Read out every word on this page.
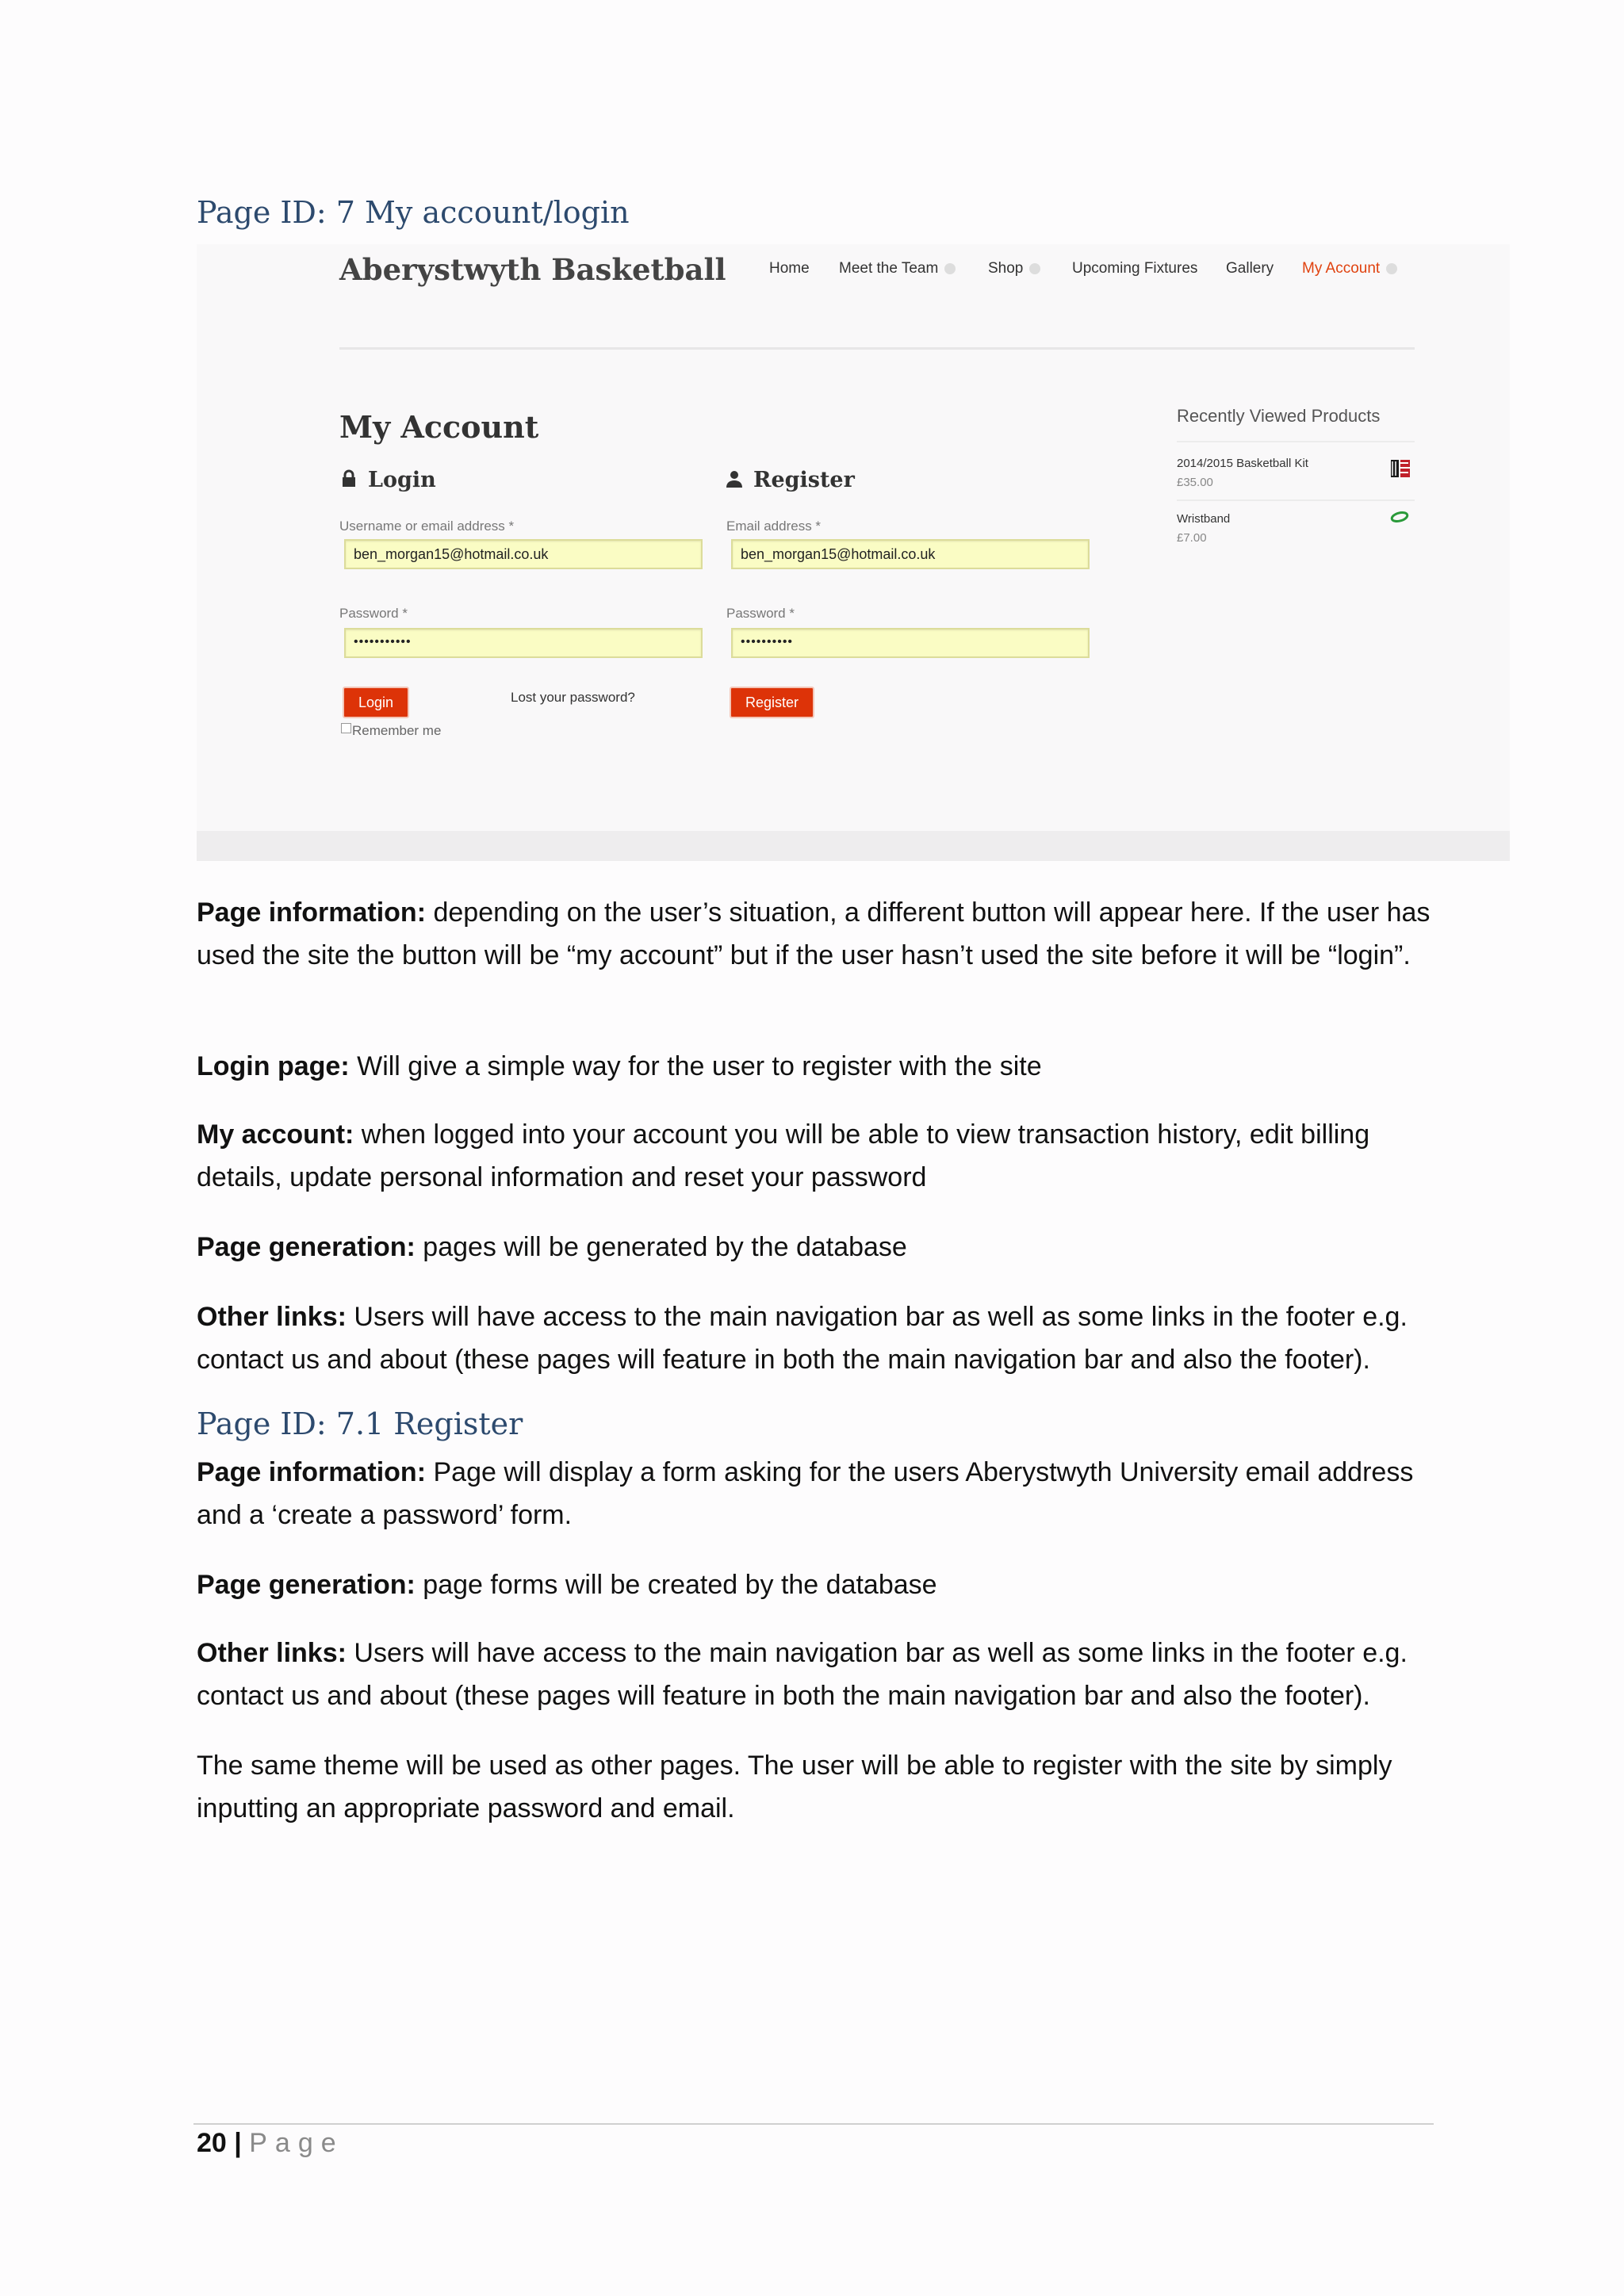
Page ID: 7 My account/login
Aberystwyth Basketball	Home Meet the Team	Shop	Upcoming Fixtures Gallery My Account
My Account
Login
Username or email address *
ben_morgan15@hotmail.co.uk
Password *
•••••••••••
Login	Lost your password?
Remember me
Register
Email address *
ben_morgan15@hotmail.co.uk
Password *
••••••••••
Register
Recently Viewed Products
2014/2015 Basketball Kit
£35.00
Wristband
£7.00
Page information: depending on the user’s situation, a different button will appear here. If the user has used the site the button will be “my account” but if the user hasn’t used the site before it will be “login”.
Login page: Will give a simple way for the user to register with the site
My account: when logged into your account you will be able to view transaction history, edit billing details, update personal information and reset your password
Page generation: pages will be generated by the database
Other links: Users will have access to the main navigation bar as well as some links in the footer e.g. contact us and about (these pages will feature in both the main navigation bar and also the footer).
Page ID: 7.1 Register
Page information: Page will display a form asking for the users Aberystwyth University email address and a ‘create a password’ form.
Page generation: page forms will be created by the database
Other links: Users will have access to the main navigation bar as well as some links in the footer e.g. contact us and about (these pages will feature in both the main navigation bar and also the footer).
The same theme will be used as other pages. The user will be able to register with the site by simply inputting an appropriate password and email.
20 | Page
